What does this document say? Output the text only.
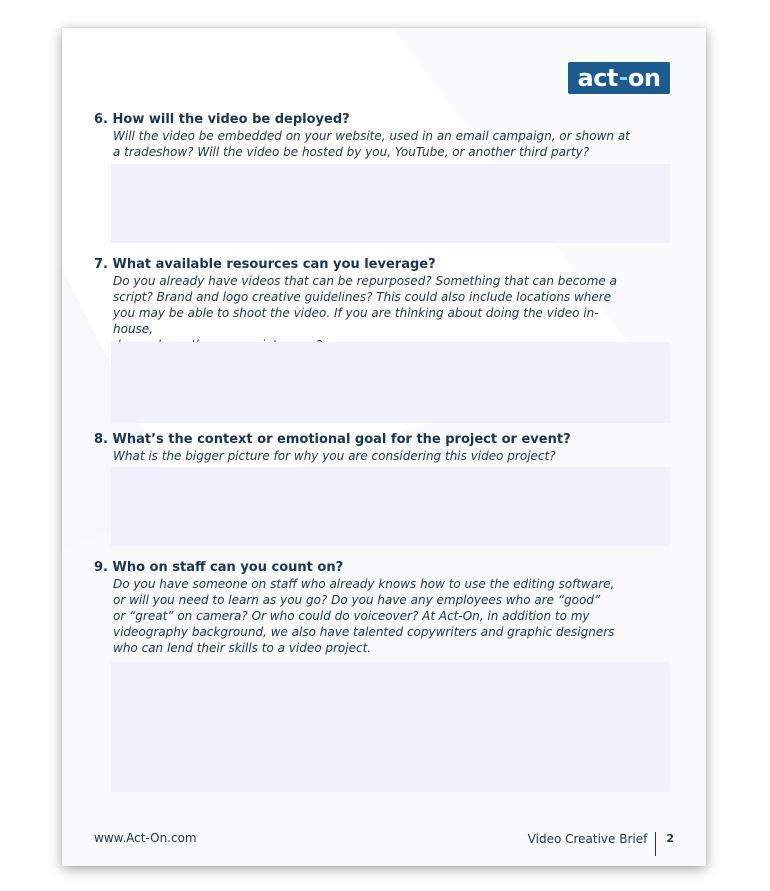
act on
6. How will the video be deployed?
Will the video be embedded on your website, used in an email campaign, or shown at
a tradeshow? Will the video be hosted by you, YouTube, or another third party?
7. What available resources can you leverage?
Do you already have videos that can be repurposed? Something that can become a
script? Brand and logo creative guidelines? This could also include locations where
you may be able to shoot the video. If you are thinking about doing the video in-house,

8. What’s the context or emotional goal for the project or event?
What is the bigger picture for why you are considering this video project?
9. Who on staff can you count on?
Do you have someone on staff who already knows how to use the editing software,
or will you need to learn as you go? Do you have any employees who are “good”
or “great” on camera? Or who could do voiceover? At Act-On, in addition to my
videography background, we also have talented copywriters and graphic designers
who can lend their skills to a video project.
www.Act-On.com	Video Creative Brief 2
